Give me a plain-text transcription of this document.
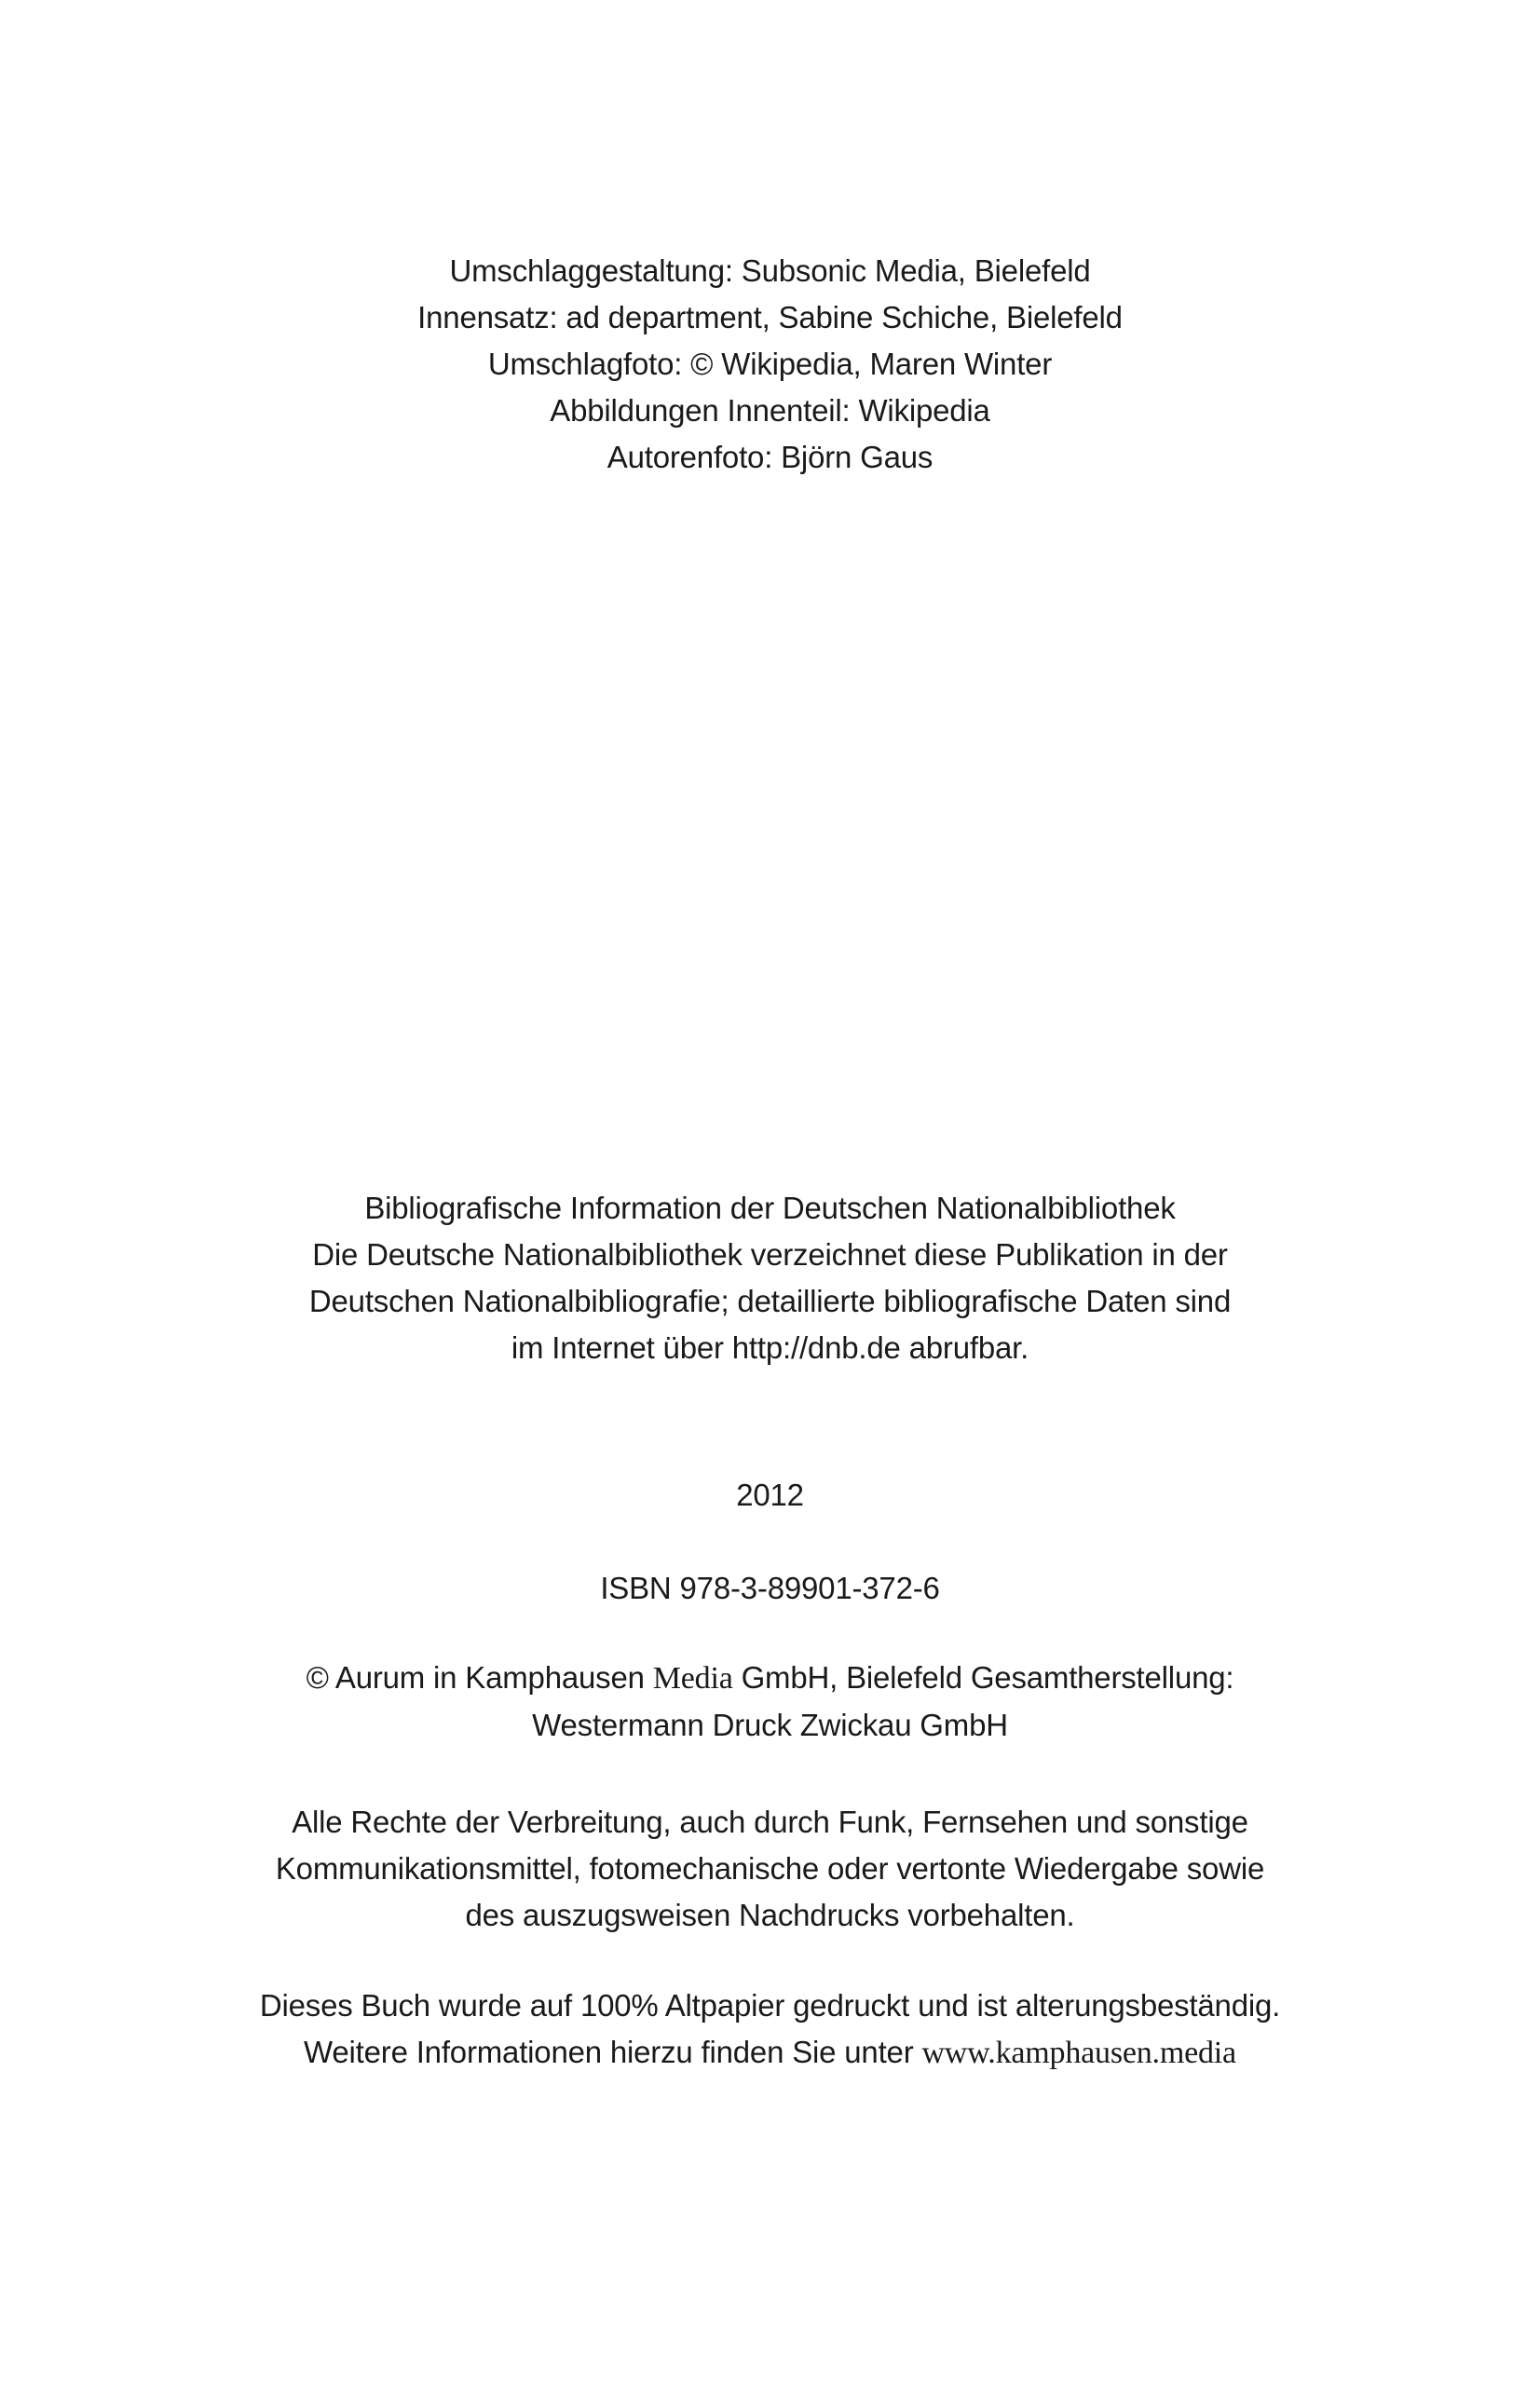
Umschlaggestaltung: Subsonic Media, Bielefeld
Innensatz: ad department, Sabine Schiche, Bielefeld
Umschlagfoto: © Wikipedia, Maren Winter
Abbildungen Innenteil: Wikipedia
Autorenfoto: Björn Gaus
Bibliografische Information der Deutschen Nationalbibliothek
Die Deutsche Nationalbibliothek verzeichnet diese Publikation in der
Deutschen Nationalbibliografie; detaillierte bibliografische Daten sind
im Internet über http://dnb.de abrufbar.
2012
ISBN 978-3-89901-372-6
© Aurum in Kamphausen Media GmbH, Bielefeld Gesamtherstellung:
Westermann Druck Zwickau GmbH
Alle Rechte der Verbreitung, auch durch Funk, Fernsehen und sonstige
Kommunikationsmittel, fotomechanische oder vertonte Wiedergabe sowie
des auszugsweisen Nachdrucks vorbehalten.
Dieses Buch wurde auf 100% Altpapier gedruckt und ist alterungsbeständig.
Weitere Informationen hierzu finden Sie unter www.kamphausen.media
